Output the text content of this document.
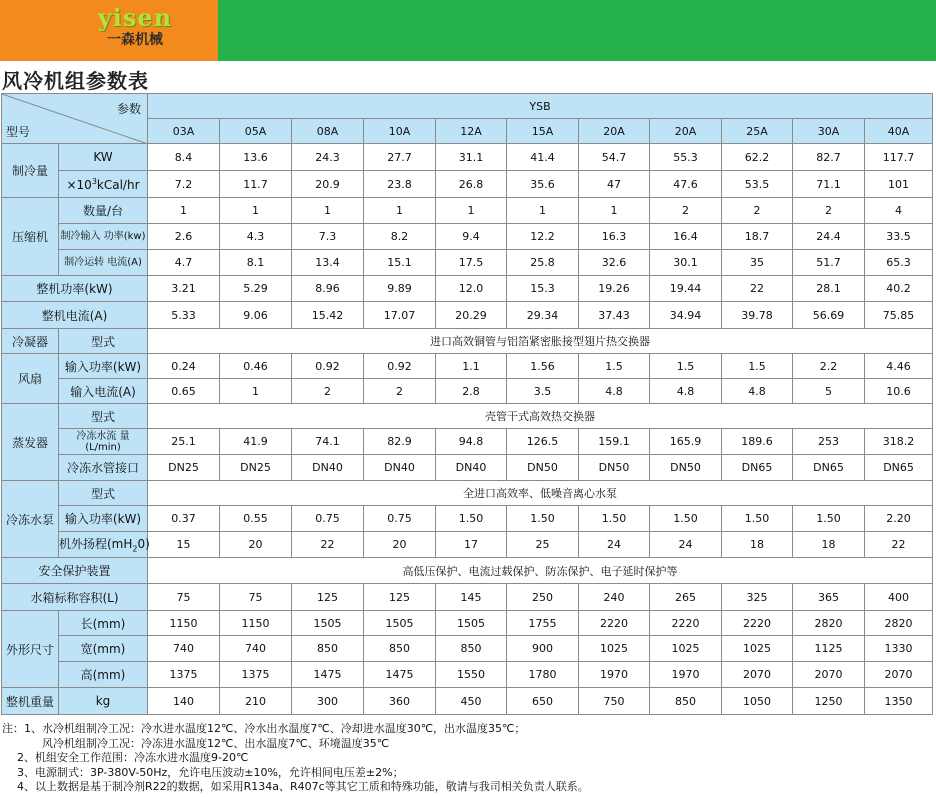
yisen
一森机械
风冷机组参数表
型号
参数		YSB										
		03A	05A	08A	10A	12A	15A	20A	20A	25A	30A	40A
制冷量	KW	8.4	13.6	24.3	27.7	31.1	41.4	54.7	55.3	62.2	82.7	117.7
	$\times 10^3kCal/hr$	7.2	11.7	20.9	23.8	26.8	35.6	47	47.6	53.5	71.1	101
压缩机	数量/台	1	1	1	1	1	1	1	2	2	2	4
	制冷输入 功率(kw)	2.6	4.3	7.3	8.2	9.4	12.2	16.3	16.4	18.7	24.4	33.5
	制冷运转 电流(A)	4.7	8.1	13.4	15.1	17.5	25.8	32.6	30.1	35	51.7	65.3
整机功率(kW)		3.21	5.29	8.96	9.89	12.0	15.3	19.26	19.44	22	28.1	40.2
整机电流(A)		5.33	9.06	15.42	17.07	20.29	29.34	37.43	34.94	39.78	56.69	75.85
冷凝器	型式	进口高效铜管与铝箔紧密胀接型翅片热交换器										
风扇	输入功率(kW)	0.24	0.46	0.92	0.92	1.1	1.56	1.5	1.5	1.5	2.2	4.46
	输入电流(A)	0.65	1	2	2	2.8	3.5	4.8	4.8	4.8	5	10.6
蒸发器	型式	壳管干式高效热交换器										
	冷冻水流 量(L/min)	25.1	41.9	74.1	82.9	94.8	126.5	159.1	165.9	189.6	253	318.2
	冷冻水管接口	DN25	DN25	DN40	DN40	DN40	DN50	DN50	DN50	DN65	DN65	DN65
冷冻水泵	型式	全进口高效率、低噪音离心水泵										
	输入功率(kW)	0.37	0.55	0.75	0.75	1.50	1.50	1.50	1.50	1.50	1.50	2.20
	机外扬程$(mH_20)$	15	20	22	20	17	25	24	24	18	18	22
安全保护装置		高低压保护、电流过载保护、防冻保护、电子延时保护等										
水箱标称容积(L)		75	75	125	125	145	250	240	265	325	365	400
外形尺寸	长(mm)	1150	1150	1505	1505	1505	1755	2220	2220	2220	2820	2820
	宽(mm)	740	740	850	850	850	900	1025	1025	1025	1125	1330
	高(mm)	1375	1375	1475	1475	1550	1780	1970	1970	2070	2070	2070
整机重量	kg	140	210	300	360	450	650	750	850	1050	1250	1350
注：1、水冷机组制冷工况：冷水进水温度12℃、冷水出水温度7℃、冷却进水温度30℃，出水温度35℃；
风冷机组制冷工况：冷冻进水温度12℃、出水温度7℃、环境温度35℃
2、机组安全工作范围：冷冻水进水温度9-20℃
3、电源制式：3P-380V-50Hz，允许电压波动±10%，允许相间电压差±2%；
4、以上数据是基于制冷剂R22的数据，如采用R134a、R407c等其它工质和特殊功能，敬请与我司相关负责人联系。
